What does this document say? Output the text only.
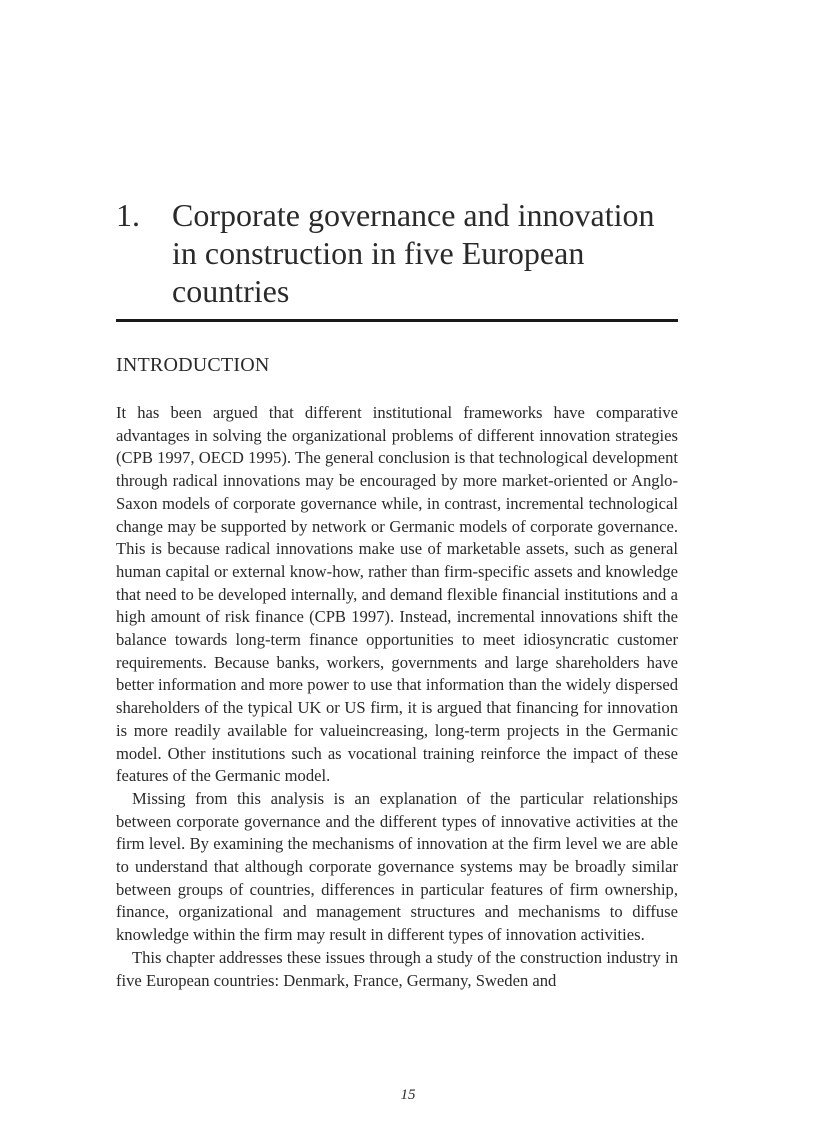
1.	Corporate governance and innovation in construction in five European countries
INTRODUCTION

It has been argued that different institutional frameworks have comparative advantages in solving the organizational problems of different innovation strategies (CPB 1997, OECD 1995). The general conclusion is that technological development through radical innovations may be encouraged by more market-oriented or Anglo-Saxon models of corporate governance while, in contrast, incremental technological change may be supported by network or Germanic models of corporate governance. This is because radical innovations make use of marketable assets, such as general human capital or external know-how, rather than firm-specific assets and knowledge that need to be developed internally, and demand flexible financial institutions and a high amount of risk finance (CPB 1997). Instead, incremental innovations shift the balance towards long-term finance opportunities to meet idiosyncratic customer requirements. Because banks, workers, governments and large shareholders have better information and more power to use that information than the widely dispersed shareholders of the typical UK or US firm, it is argued that financing for innovation is more readily available for valueincreasing, long-term projects in the Germanic model. Other institutions such as vocational training reinforce the impact of these features of the Germanic model.

Missing from this analysis is an explanation of the particular relationships between corporate governance and the different types of innovative activities at the firm level. By examining the mechanisms of innovation at the firm level we are able to understand that although corporate governance systems may be broadly similar between groups of countries, differences in particular features of firm ownership, finance, organizational and management structures and mechanisms to diffuse knowledge within the firm may result in different types of innovation activities.

This chapter addresses these issues through a study of the construction industry in five European countries: Denmark, France, Germany, Sweden and

15
